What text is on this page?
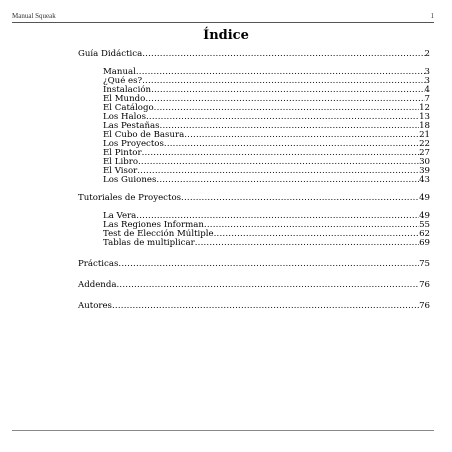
Manual Squeak	1
Índice
Guía Didáctica .....	2
Manual .....	3
¿Qué es? .....	3
Instalación .....	4
El Mundo .....	7
El Catálogo .....	12
Los Halos .....	13
Las Pestañas .....	18
El Cubo de Basura .....	21
Los Proyectos .....	22
El Pintor .....	27
El Libro .....	30
El Visor .....	39
Los Guiones .....	43
Tutoriales de Proyectos .....	49
La Vera .....	49
Las Regiones Informan .....	55
Test de Elección Múltiple .....	62
Tablas de multiplicar .....	69
Prácticas .....	75
Addenda .....	76
Autores .....	76
